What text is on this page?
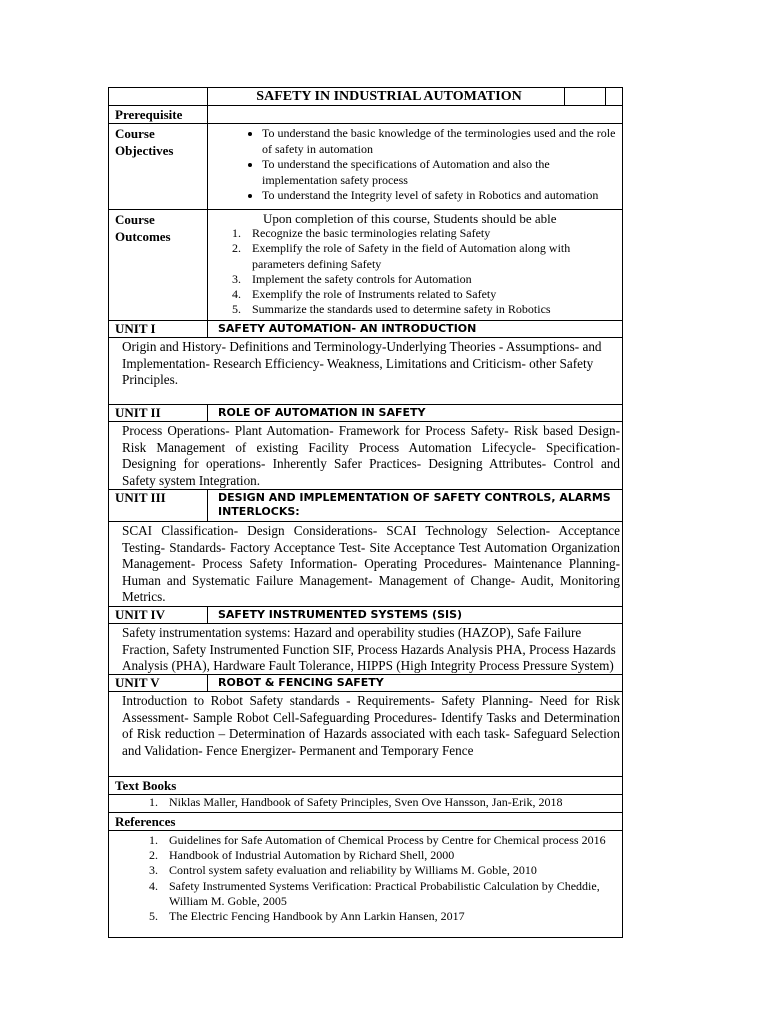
SAFETY IN INDUSTRIAL AUTOMATION
Prerequisite
Course Objectives
• To understand the basic knowledge of the terminologies used and the role of safety in automation
• To understand the specifications of Automation and also the implementation safety process
• To understand the Integrity level of safety in Robotics and automation
Course Outcomes
Upon completion of this course, Students should be able
1. Recognize the basic terminologies relating Safety
2. Exemplify the role of Safety in the field of Automation along with parameters defining Safety
3. Implement the safety controls for Automation
4. Exemplify the role of Instruments related to Safety
5. Summarize the standards used to determine safety in Robotics
UNIT I	SAFETY AUTOMATION- AN INTRODUCTION
Origin and History- Definitions and Terminology-Underlying Theories - Assumptions- and Implementation- Research Efficiency- Weakness, Limitations and Criticism- other Safety Principles.
UNIT II	ROLE OF AUTOMATION IN SAFETY
Process Operations- Plant Automation- Framework for Process Safety- Risk based Design- Risk Management of existing Facility Process Automation Lifecycle- Specification- Designing for operations- Inherently Safer Practices- Designing Attributes- Control and Safety system Integration.
UNIT III	DESIGN AND IMPLEMENTATION OF SAFETY CONTROLS, ALARMS INTERLOCKS:
SCAI Classification- Design Considerations- SCAI Technology Selection- Acceptance Testing- Standards- Factory Acceptance Test- Site Acceptance Test Automation Organization Management- Process Safety Information- Operating Procedures- Maintenance Planning- Human and Systematic Failure Management- Management of Change- Audit, Monitoring Metrics.
UNIT IV	SAFETY INSTRUMENTED SYSTEMS (SIS)
Safety instrumentation systems: Hazard and operability studies (HAZOP), Safe Failure Fraction, Safety Instrumented Function SIF, Process Hazards Analysis PHA, Process Hazards Analysis (PHA), Hardware Fault Tolerance, HIPPS (High Integrity Process Pressure System)
UNIT V	ROBOT & FENCING SAFETY
Introduction to Robot Safety standards - Requirements- Safety Planning- Need for Risk Assessment- Sample Robot Cell-Safeguarding Procedures- Identify Tasks and Determination of Risk reduction – Determination of Hazards associated with each task- Safeguard Selection and Validation- Fence Energizer- Permanent and Temporary Fence
Text Books
1. Niklas Maller, Handbook of Safety Principles, Sven Ove Hansson, Jan-Erik, 2018
References
1. Guidelines for Safe Automation of Chemical Process by Centre for Chemical process 2016
2. Handbook of Industrial Automation by Richard Shell, 2000
3. Control system safety evaluation and reliability by Williams M. Goble, 2010
4. Safety Instrumented Systems Verification: Practical Probabilistic Calculation by Cheddie, William M. Goble, 2005
5. The Electric Fencing Handbook by Ann Larkin Hansen, 2017
